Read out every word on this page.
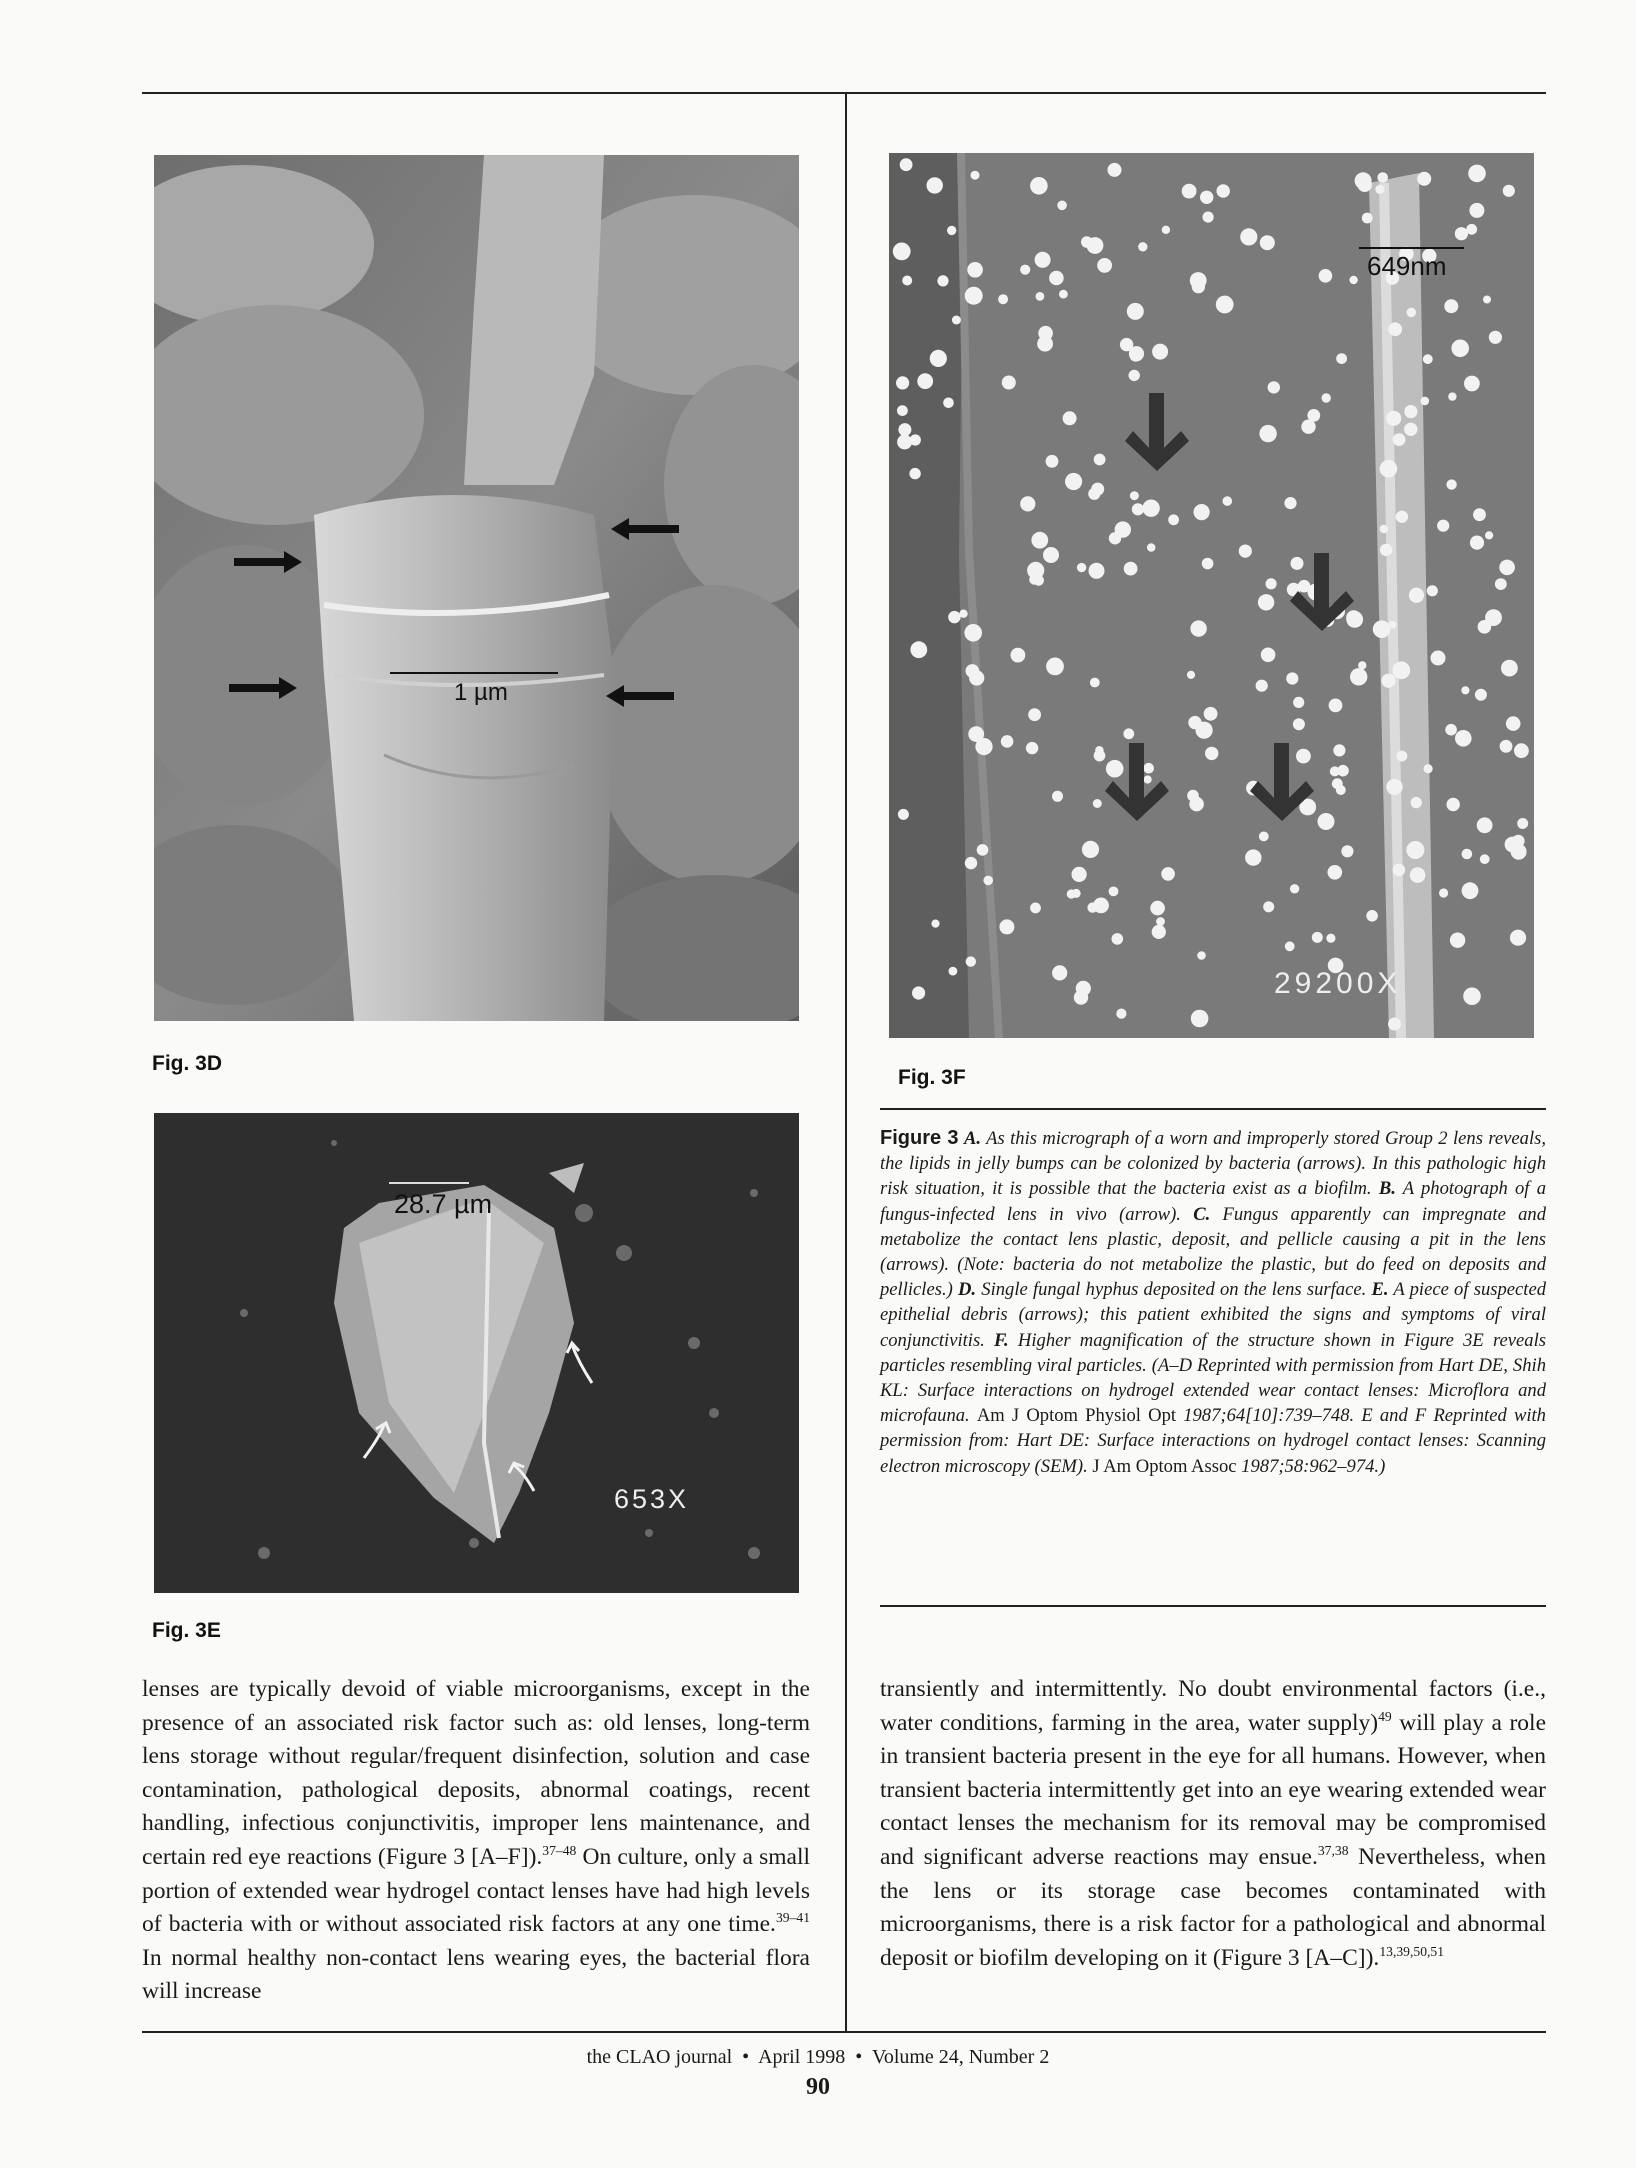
1 µm
Fig. 3D
28.7 µm
653X
Fig. 3E
649nm
29200X
Fig. 3F
Figure 3 A. As this micrograph of a worn and improperly stored Group 2 lens reveals, the lipids in jelly bumps can be colonized by bacteria (arrows). In this pathologic high risk situation, it is possible that the bacteria exist as a biofilm. B. A photograph of a fungus-infected lens in vivo (arrow). C. Fungus apparently can impregnate and metabolize the contact lens plastic, deposit, and pellicle causing a pit in the lens (arrows). (Note: bacteria do not metabolize the plastic, but do feed on deposits and pellicles.) D. Single fungal hyphus deposited on the lens surface. E. A piece of suspected epithelial debris (arrows); this patient exhibited the signs and symptoms of viral conjunctivitis. F. Higher magnification of the structure shown in Figure 3E reveals particles resembling viral particles. (A–D Reprinted with permission from Hart DE, Shih KL: Surface interactions on hydrogel extended wear contact lenses: Microflora and microfauna. Am J Optom Physiol Opt 1987;64[10]:739–748. E and F Reprinted with permission from: Hart DE: Surface interactions on hydrogel contact lenses: Scanning electron microscopy (SEM). J Am Optom Assoc 1987;58:962–974.)
lenses are typically devoid of viable microorganisms, except in the presence of an associated risk factor such as: old lenses, long-term lens storage without regular/frequent disinfection, solution and case contamination, pathological deposits, abnormal coatings, recent handling, infectious conjunctivitis, improper lens maintenance, and certain red eye reactions (Figure 3 [A–F]).$^{37-48}$ On culture, only a small portion of extended wear hydrogel contact lenses have had high levels of bacteria with or without associated risk factors at any one time.$^{39-41}$ In normal healthy non-contact lens wearing eyes, the bacterial flora will increase
transiently and intermittently. No doubt environmental factors (i.e., water conditions, farming in the area, water supply)$^{49}$ will play a role in transient bacteria present in the eye for all humans. However, when transient bacteria intermittently get into an eye wearing extended wear contact lenses the mechanism for its removal may be compromised and significant adverse reactions may ensue.$^{37,38}$ Nevertheless, when the lens or its storage case becomes contaminated with microorganisms, there is a risk factor for a pathological and abnormal deposit or biofilm developing on it (Figure 3 [A–C]).$^{13,39,50,51}$
the CLAO journal • April 1998 • Volume 24, Number 2
90
